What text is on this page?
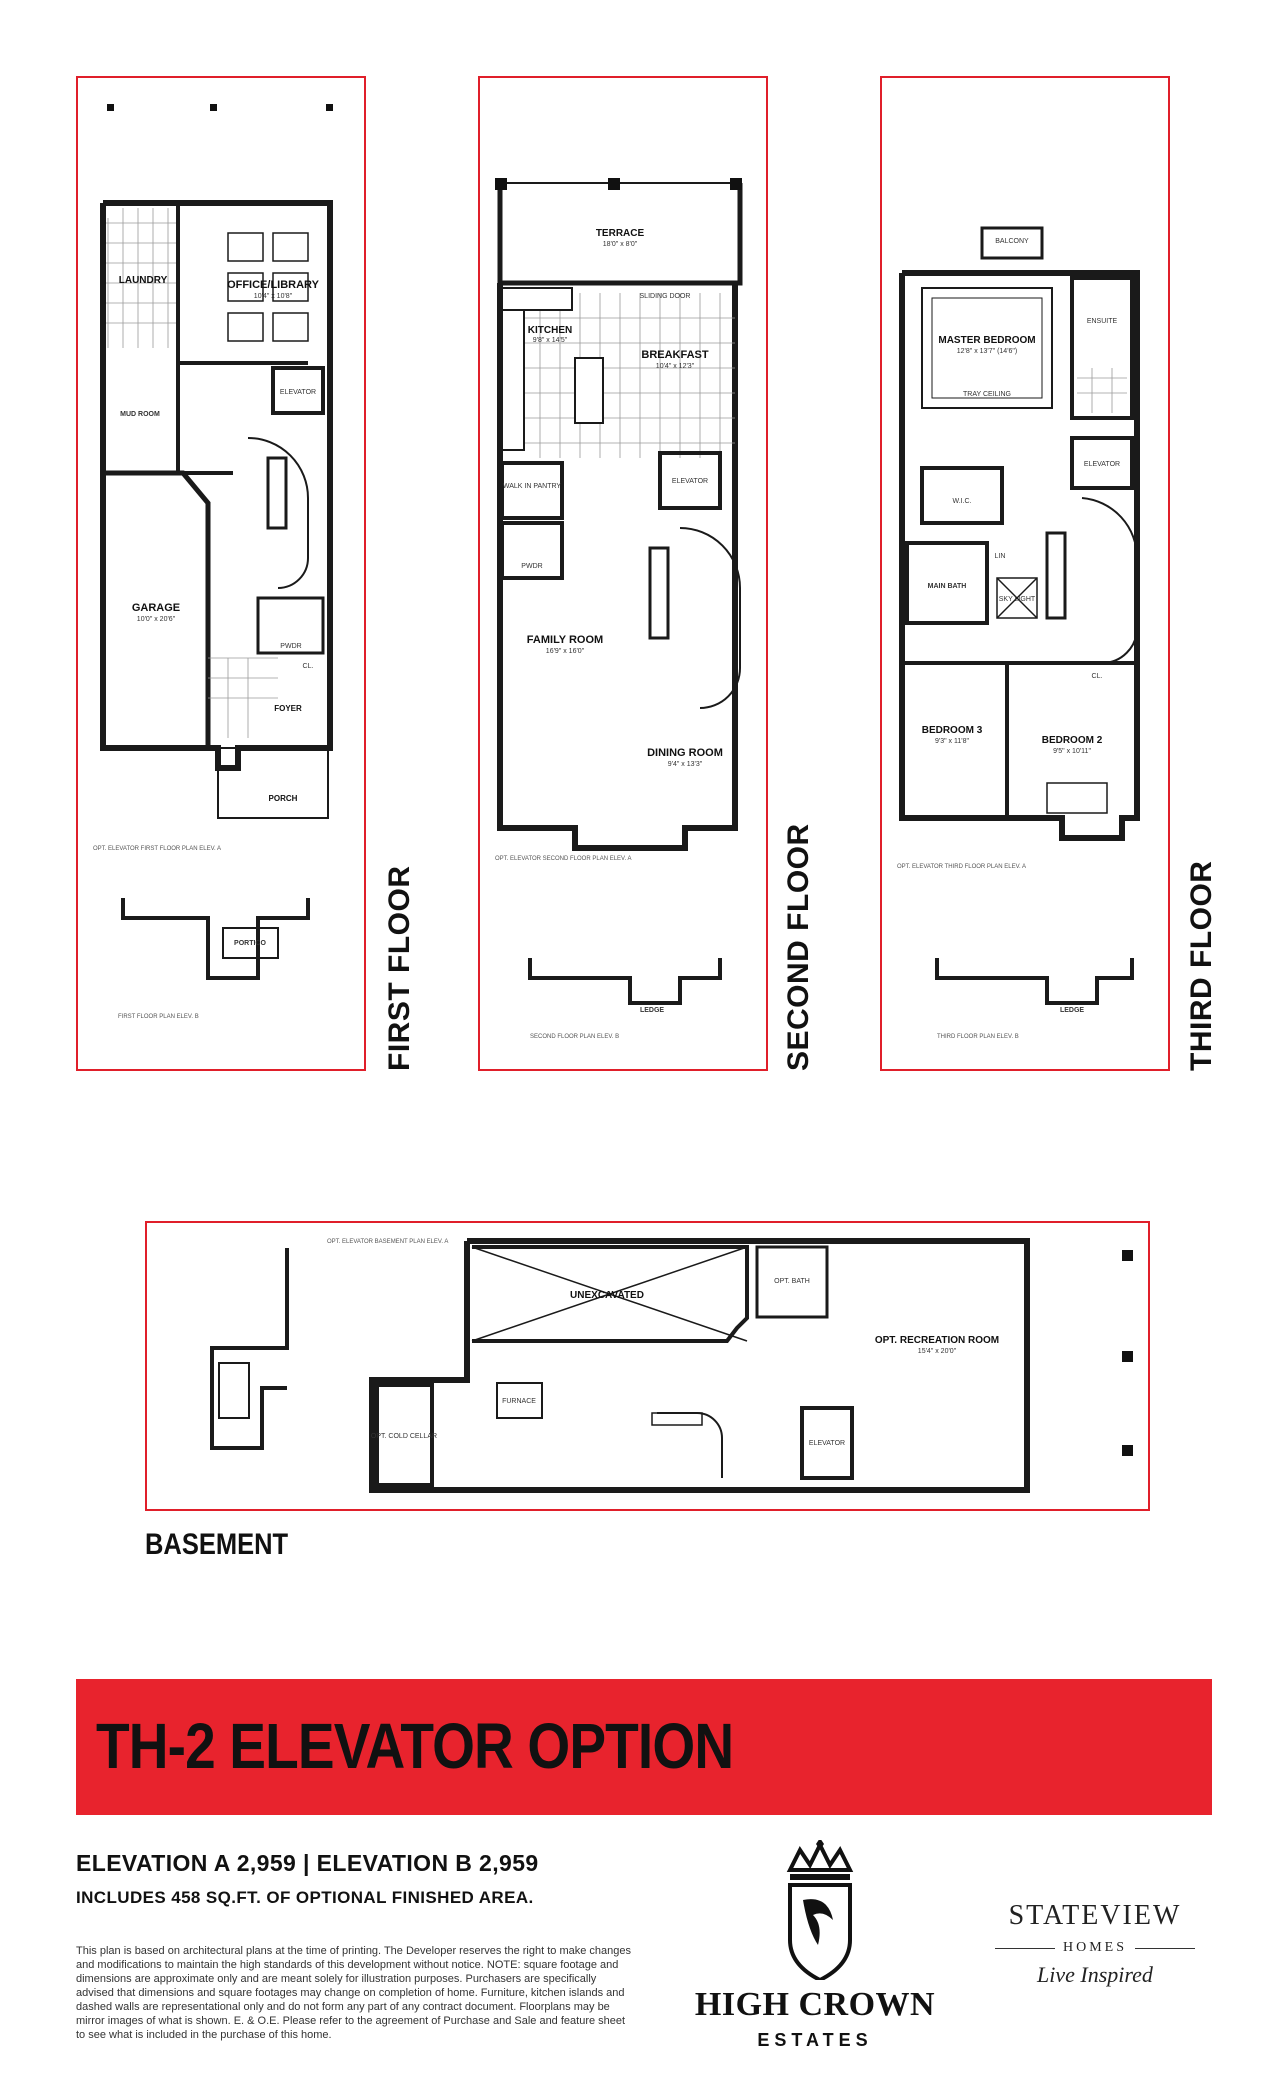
LAUNDRY	OFFICE/LIBRARY
10'4" x 10'8"
ELEVATOR
MUD ROOM
GARAGE
10'0" x 20'6"
PWDR
CL.
FOYER
PORCH
OPT. ELEVATOR FIRST FLOOR PLAN ELEV. A
PORTICO
FIRST FLOOR PLAN ELEV. B	FIRST FLOOR
TERRACE
18'0" x 8'0"
SLIDING DOOR
KITCHEN
9'8" x 14'5"
BREAKFAST
10'4" x 12'3"
WALK IN PANTRY
ELEVATOR
PWDR
FAMILY ROOM
16'9" x 16'0"
DINING ROOM
9'4" x 13'3"
OPT. ELEVATOR SECOND FLOOR PLAN ELEV. A
LEDGE
SECOND FLOOR PLAN ELEV. B	SECOND FLOOR
BALCONY
MASTER BEDROOM
12'8" x 13'7" (14'6")
TRAY CEILING
ENSUITE
W.I.C.
ELEVATOR
MAIN BATH
LIN
SKY LIGHT
BEDROOM 3
9'3" x 11'8"	BEDROOM 2
9'5" x 10'11"
CL.
OPT. ELEVATOR THIRD FLOOR PLAN ELEV. A
LEDGE
THIRD FLOOR PLAN ELEV. B	THIRD FLOOR
UNEXCAVATED
OPT. RECREATION ROOM
15'4" x 20'0"
OPT. BATH
OPT. COLD CELLAR
FURNACE
ELEVATOR
OPT. ELEVATOR BASEMENT PLAN ELEV. A
BASEMENT
TH-2 ELEVATOR OPTION
ELEVATION A 2,959 | ELEVATION B 2,959
INCLUDES 458 SQ.FT. OF OPTIONAL FINISHED AREA.
This plan is based on architectural plans at the time of printing. The Developer reserves the right to make changes and modifications to maintain the high standards of this development without notice. NOTE: square footage and dimensions are approximate only and are meant solely for illustration purposes. Purchasers are specifically advised that dimensions and square footages may change on completion of home. Furniture, kitchen islands and dashed walls are representational only and do not form any part of any contract document. Floorplans may be mirror images of what is shown. E. & O.E. Please refer to the agreement of Purchase and Sale and feature sheet to see what is included in the purchase of this home.
HIGH CROWN
ESTATES
STATEVIEW
HOMES
Live Inspired
